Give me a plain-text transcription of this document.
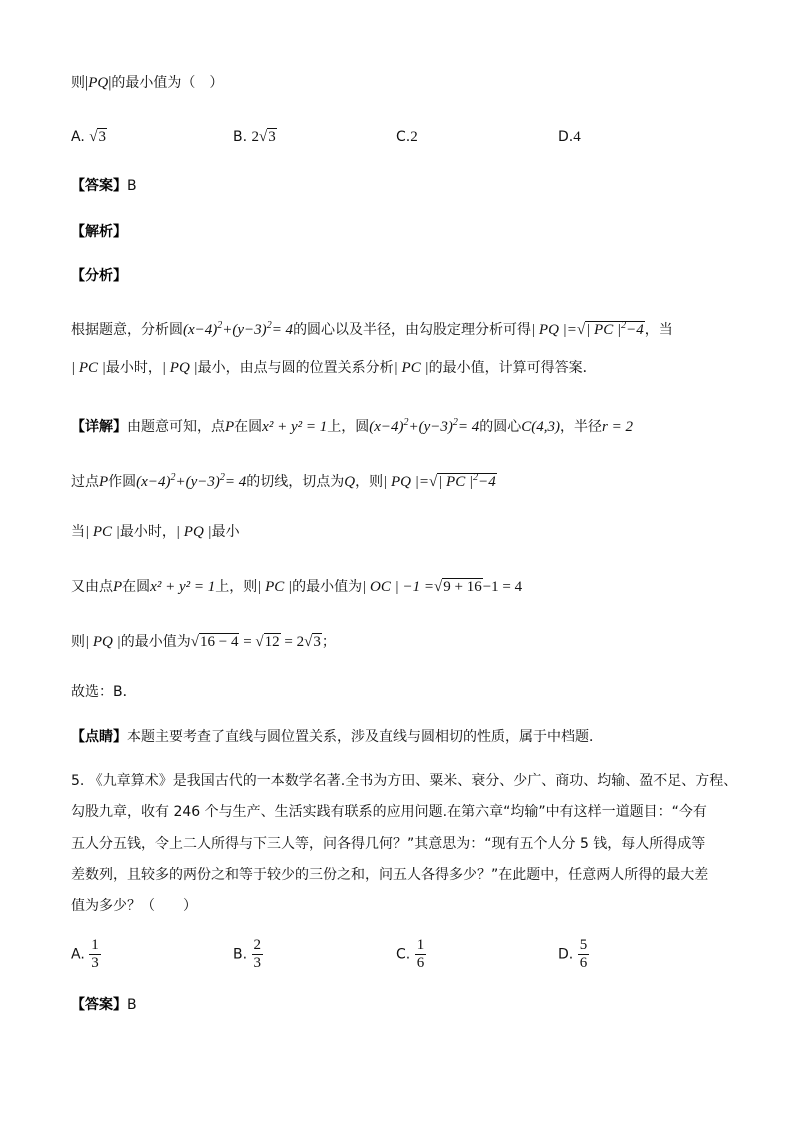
则|PQ|的最小值为（　）
A. √3	B. 2√3	C.2	D.4
【答案】B
【解析】
【分析】
根据题意，分析圆$(x-4)^2+(y-3)^2= 4$的圆心以及半径，由勾股定理分析可得| PQ |=√| PC $|^2-4$，当
| PC |最小时，| PQ |最小，由点与圆的位置关系分析| PC |的最小值，计算可得答案．
【详解】由题意可知，点P在圆x² + y² = 1上，圆$(x-4)^2+(y-3)^2= 4$的圆心C(4,3)，半径r = 2
过点P作圆$(x-4)^2+(y-3)^2= 4$的切线，切点为Q，则| PQ |=√| PC $|^2-4$
当| PC |最小时，| PQ |最小
又由点P在圆x² + y² = 1上，则| PC |的最小值为| OC | −1 =√9 + 16−1 = 4
则| PQ |的最小值为√16 − 4 = √12 = 2√3；
故选：B．
【点睛】本题主要考查了直线与圆位置关系，涉及直线与圆相切的性质，属于中档题．
5. 《九章算术》是我国古代的一本数学名著.全书为方田、粟米、衰分、少广、商功、均输、盈不足、方程、
勾股九章，收有 246 个与生产、生活实践有联系的应用问题.在第六章“均输”中有这样一道题目：“今有
五人分五钱，令上二人所得与下三人等，问各得几何？”其意思为：“现有五个人分 5 钱，每人所得成等
差数列，且较多的两份之和等于较少的三份之和，问五人各得多少？”在此题中，任意两人所得的最大差
值为多少？（　　）
A. $\frac{1}{3}$	B. $\frac{2}{3}$	C. $\frac{1}{6}$	D. $\frac{5}{6}$
【答案】B
